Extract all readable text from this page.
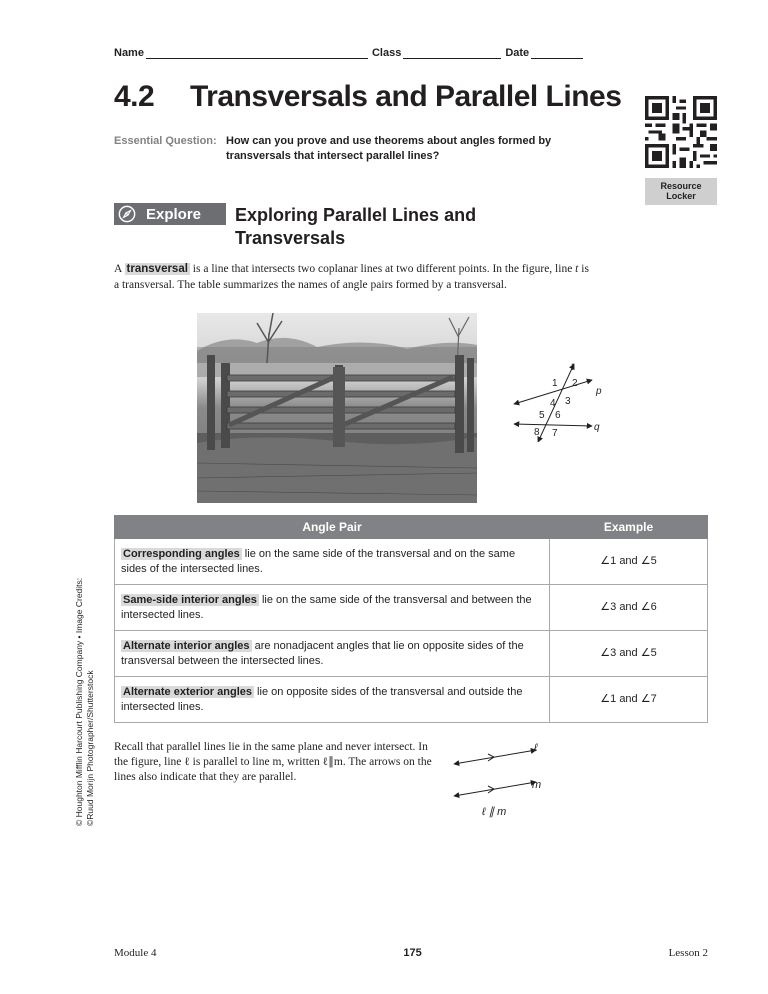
Name	Class	Date
4.2	Transversals and Parallel Lines
Resource
Locker
Essential Question: How can you prove and use theorems about angles formed by transversals that intersect parallel lines?
Explore Exploring Parallel Lines and Transversals

A transversal is a line that intersects two coplanar lines at two different points. In the figure, line t is a transversal. The table summarizes the names of angle pairs formed by a transversal.

t
p
q
1 2
3
4
5 6
7
8
Angle Pair	Example
Corresponding angles lie on the same side of the transversal and on the same sides of the intersected lines.	∠1 and ∠5
Same-side interior angles lie on the same side of the transversal and between the intersected lines.	∠3 and ∠6
Alternate interior angles are nonadjacent angles that lie on opposite sides of the transversal between the intersected lines.	∠3 and ∠5
Alternate exterior angles lie on opposite sides of the transversal and outside the intersected lines.	∠1 and ∠7

Recall that parallel lines lie in the same plane and never intersect. In the figure, line ℓ is parallel to line m, written ℓ∥m. The arrows on the lines also indicate that they are parallel.

ℓ
m
ℓ ∥ m
© Houghton Mifflin Harcourt Publishing Company • Image Credits: ©Ruud Morijn Photographer/Shutterstock
Module 4	175	Lesson 2
